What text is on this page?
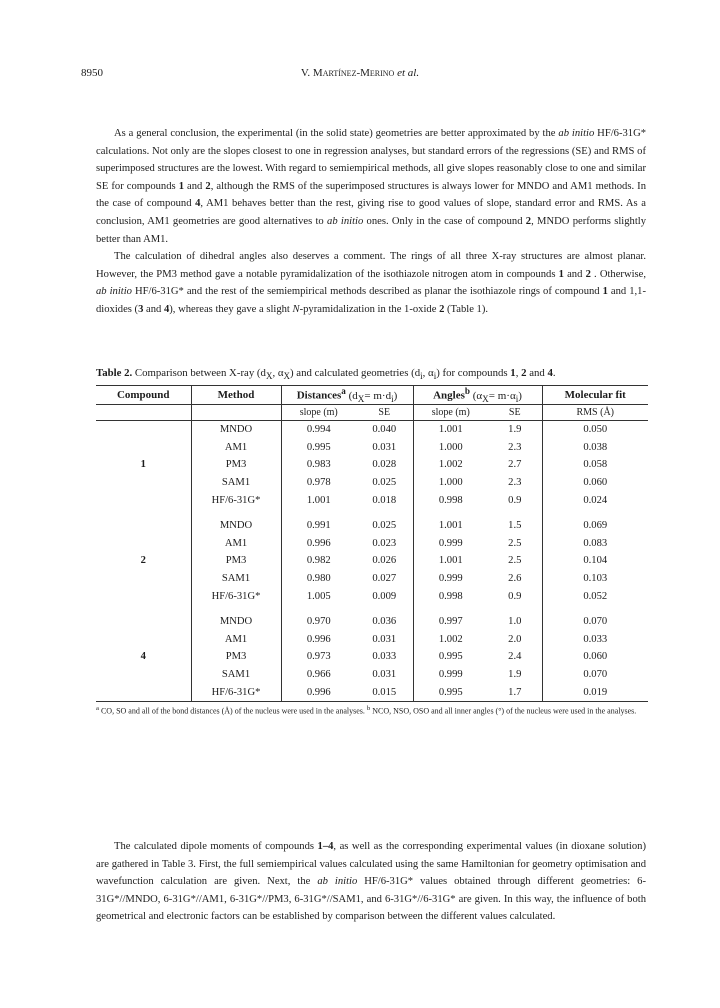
8950	V. Martínez-Merino et al.

As a general conclusion, the experimental (in the solid state) geometries are better approximated by the ab initio HF/6-31G* calculations. Not only are the slopes closest to one in regression analyses, but standard errors of the regressions (SE) and RMS of superimposed structures are the lowest. With regard to semiempirical methods, all give slopes reasonably close to one and similar SE for compounds 1 and 2, although the RMS of the superimposed structures is always lower for MNDO and AM1 methods. In the case of compound 4, AM1 behaves better than the rest, giving rise to good values of slope, standard error and RMS. As a conclusion, AM1 geometries are good alternatives to ab initio ones. Only in the case of compound 2, MNDO performs slightly better than AM1.

The calculation of dihedral angles also deserves a comment. The rings of all three X-ray structures are almost planar. However, the PM3 method gave a notable pyramidalization of the isothiazole nitrogen atom in compounds 1 and 2 . Otherwise, ab initio HF/6-31G* and the rest of the semiempirical methods described as planar the isothiazole rings of compound 1 and 1,1-dioxides (3 and 4), whereas they gave a slight N-pyramidalization in the 1-oxide 2 (Table 1).

Table 2. Comparison between X-ray ($d_X$, $\alpha_X$) and calculated geometries ($d_i$, $\alpha_i$) for compounds 1, 2 and 4.
Compound	Method	Distances$^a$ $(d_X= m\cdot d_i)$		Angles$^b$ $(\alpha_X= m\cdot\alpha_i)$		Molecular fit
		slope (m)	SE	slope (m)	SE	RMS (Å)
	MNDO	0.994	0.040	1.001	1.9	0.050
	AM1	0.995	0.031	1.000	2.3	0.038
1	PM3	0.983	0.028	1.002	2.7	0.058
	SAM1	0.978	0.025	1.000	2.3	0.060
	HF/6-31G*	1.001	0.018	0.998	0.9	0.024

	MNDO	0.991	0.025	1.001	1.5	0.069
	AM1	0.996	0.023	0.999	2.5	0.083
2	PM3	0.982	0.026	1.001	2.5	0.104
	SAM1	0.980	0.027	0.999	2.6	0.103
	HF/6-31G*	1.005	0.009	0.998	0.9	0.052

	MNDO	0.970	0.036	0.997	1.0	0.070
	AM1	0.996	0.031	1.002	2.0	0.033
4	PM3	0.973	0.033	0.995	2.4	0.060
	SAM1	0.966	0.031	0.999	1.9	0.070
	HF/6-31G*	0.996	0.015	0.995	1.7	0.019
$^a$ CO, SO and all of the bond distances (Å) of the nucleus were used in the analyses. $^b$ NCO, NSO, OSO and all inner angles (°) of the nucleus were used in the analyses.

The calculated dipole moments of compounds 1–4, as well as the corresponding experimental values (in dioxane solution) are gathered in Table 3. First, the full semiempirical values calculated using the same Hamiltonian for geometry optimisation and wavefunction calculation are given. Next, the ab initio HF/6-31G* values obtained through different geometries: 6-31G*//MNDO, 6-31G*//AM1, 6-31G*//PM3, 6-31G*//SAM1, and 6-31G*//6-31G* are given. In this way, the influence of both geometrical and electronic factors can be established by comparison between the different values calculated.
